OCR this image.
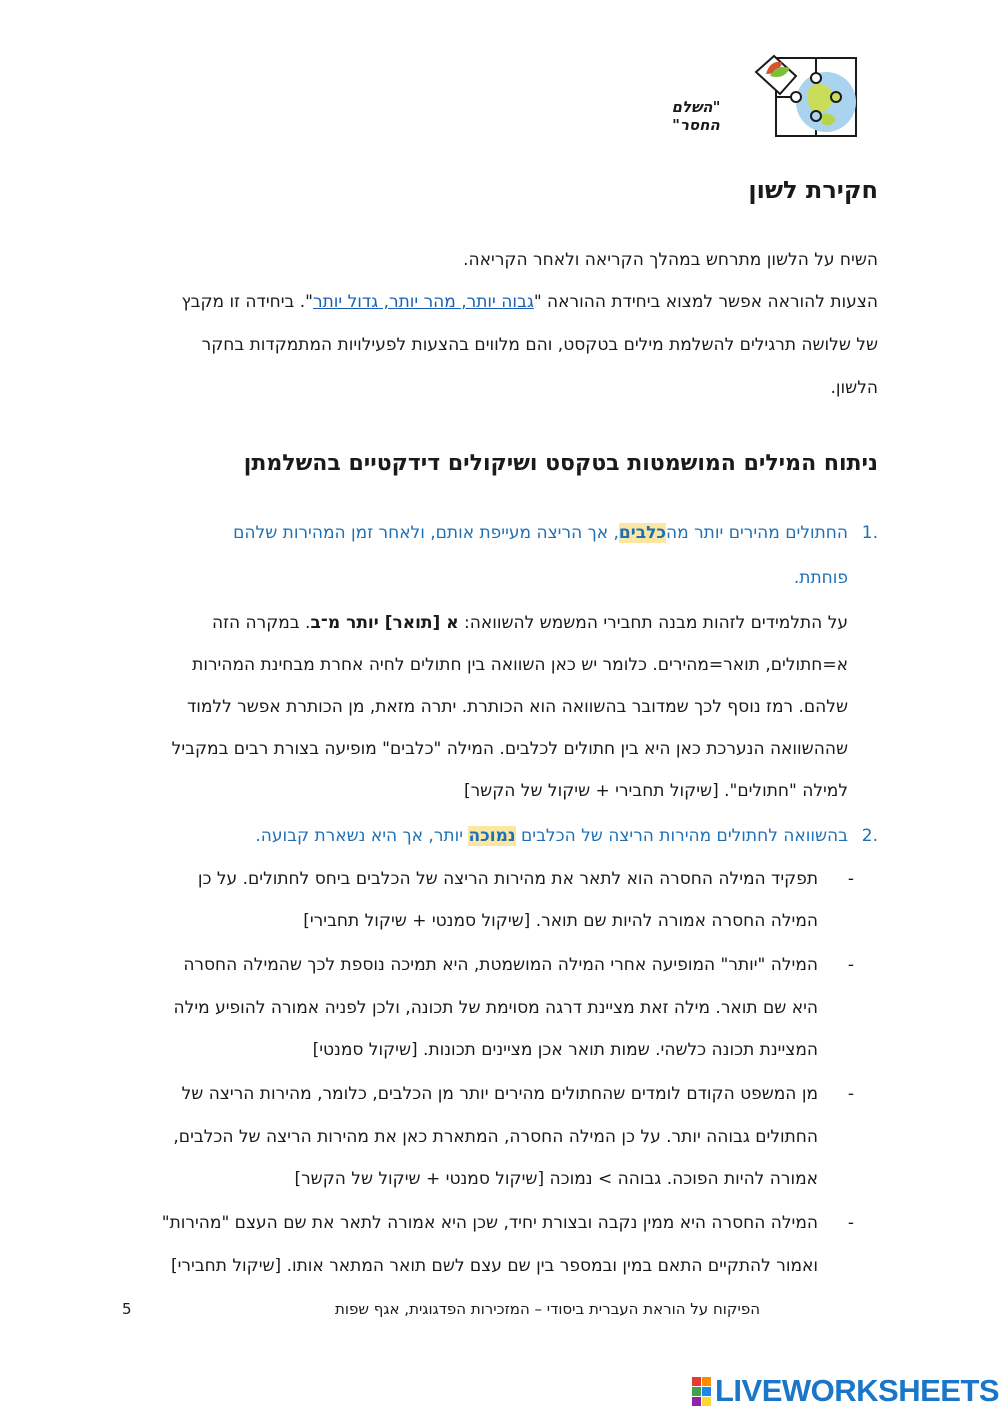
"השלם החסר"
חקירת לשון
השיח על הלשון מתרחש במהלך הקריאה ולאחר הקריאה.
הצעות להוראה אפשר למצוא ביחידת ההוראה "גבוה יותר, מהר יותר, גדול יותר". ביחידה זו מקבץ
של שלושה תרגילים להשלמת מילים בטקסט, והם מלווים בהצעות לפעילויות המתמקדות בחקר
הלשון.
ניתוח המילים המושמטות בטקסט ושיקולים דידקטיים בהשלמתן
1.
החתולים מהירים יותר מהכלבים, אך הריצה מעייפת אותם, ולאחר זמן המהירות שלהם
פוחתת.
על התלמידים לזהות מבנה תחבירי המשמש להשוואה: א [תואר] יותר מ־ב. במקרה הזה
א=חתולים, תואר=מהירים. כלומר יש כאן השוואה בין חתולים לחיה אחרת מבחינת המהירות
שלהם. רמז נוסף לכך שמדובר בהשוואה הוא הכותרת. יתרה מזאת, מן הכותרת אפשר ללמוד
שההשוואה הנערכת כאן היא בין חתולים לכלבים. המילה "כלבים" מופיעה בצורת רבים במקביל
למילה "חתולים". [שיקול תחבירי + שיקול של הקשר]
2.
בהשוואה לחתולים מהירות הריצה של הכלבים נמוכה יותר, אך היא נשארת קבועה.
-
תפקיד המילה החסרה הוא לתאר את מהירות הריצה של הכלבים ביחס לחתולים. על כן
המילה החסרה אמורה להיות שם תואר. [שיקול סמנטי + שיקול תחבירי]
-
המילה "יותר" המופיעה אחרי המילה המושמטת, היא תמיכה נוספת לכך שהמילה החסרה
היא שם תואר. מילה זאת מציינת דרגה מסוימת של תכונה, ולכן לפניה אמורה להופיע מילה
המציינת תכונה כלשהי. שמות תואר אכן מציינים תכונות. [שיקול סמנטי]
-
מן המשפט הקודם לומדים שהחתולים מהירים יותר מן הכלבים, כלומר, מהירות הריצה של
החתולים גבוהה יותר. על כן המילה החסרה, המתארת כאן את מהירות הריצה של הכלבים,
אמורה להיות הפוכה. גבוהה > נמוכה [שיקול סמנטי + שיקול של הקשר]
-
המילה החסרה היא ממין נקבה ובצורת יחיד, שכן היא אמורה לתאר את שם העצם "מהירות"
ואמור להתקיים התאם במין ובמספר בין שם עצם לשם תואר המתאר אותו. [שיקול תחבירי]
הפיקוח על הוראת העברית ביסודי – המזכירות הפדגוגית, אגף שפות
5
LIVEWORKSHEETS
